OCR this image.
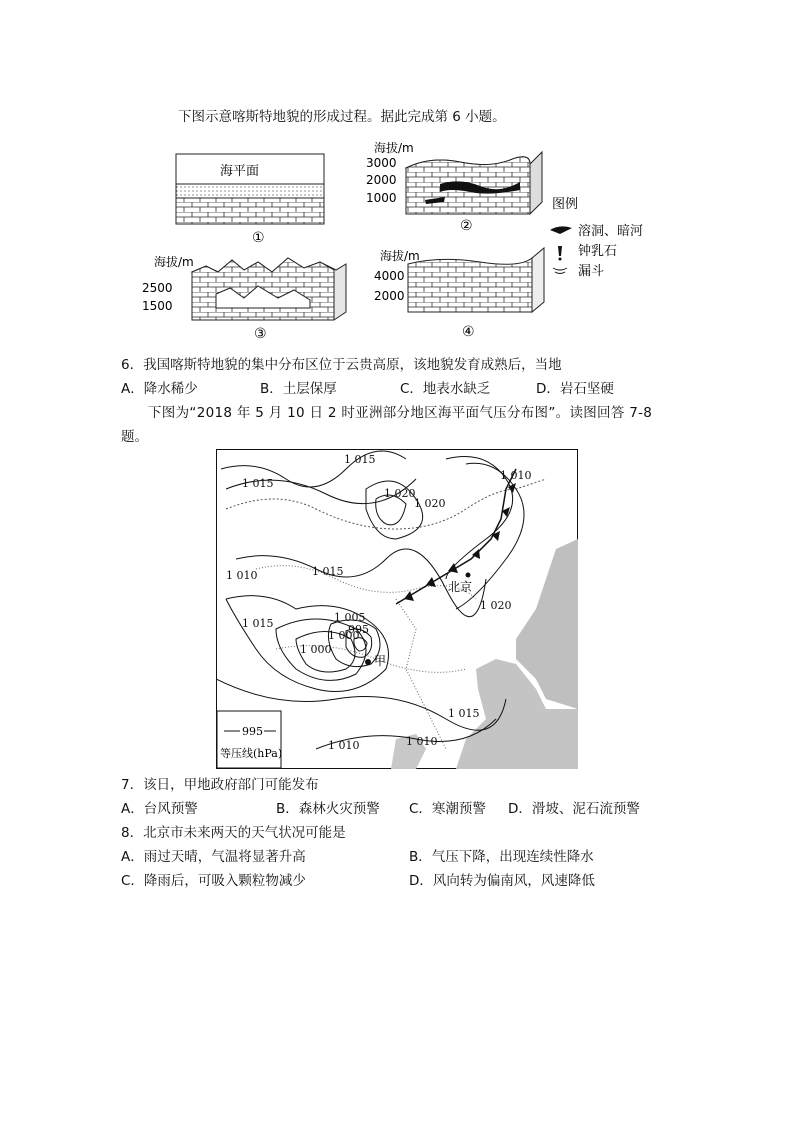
下图示意喀斯特地貌的形成过程。据此完成第 6 小题。
海平面
①
海拔/m
3000
2000
1000
②
图例
溶洞、暗河
钟乳石
漏斗
海拔/m
2500
1500
③
海拔/m
4000
2000
④
6．我国喀斯特地貌的集中分布区位于云贵高原，该地貌发育成熟后，当地
A．降水稀少	B．土层保厚	C．地表水缺乏	D．岩石坚硬
下图为“2018 年 5 月 10 日 2 时亚洲部分地区海平面气压分布图”。读图回答 7-8
题。
北京
甲
1 015
1 015
1 020
1 020
1 010
1 010	1 015
1 015	1 005
1 000
995
1 000
1 015
1 010	1 010
1 020
995
等压线(hPa)
7．该日，甲地政府部门可能发布
A．台风预警	B．森林火灾预警 C．寒潮预警 D．滑坡、泥石流预警
8．北京市未来两天的天气状况可能是
A．雨过天晴，气温将显著升高	B．气压下降，出现连续性降水
C．降雨后，可吸入颗粒物减少	D．风向转为偏南风，风速降低
